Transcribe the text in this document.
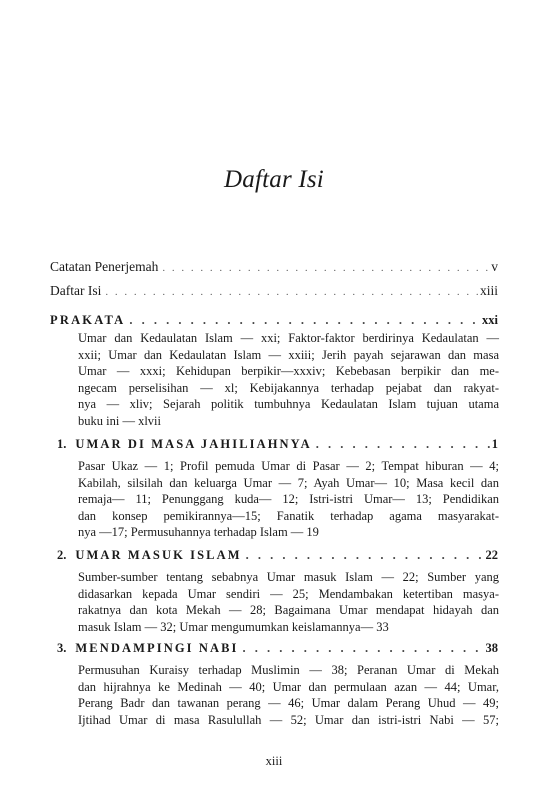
Daftar Isi
Catatan Penerjemah . . .	v
Daftar Isi . . .	xiii
PRAKATA . . .	xxi
Umar dan Kedaulatan Islam — xxi; Faktor-faktor berdirinya Kedaulatan —
xxii; Umar dan Kedaulatan Islam — xxiii; Jerih payah sejarawan dan masa
Umar — xxxi; Kehidupan berpikir—xxxiv; Kebebasan berpikir dan me-
ngecam perselisihan — xl; Kebijakannya terhadap pejabat dan rakyat-
nya — xliv; Sejarah politik tumbuhnya Kedaulatan Islam tujuan utama
buku ini — xlvii
1. UMAR DI MASA JAHILIAHNYA . . .	1
Pasar Ukaz — 1; Profil pemuda Umar di Pasar — 2; Tempat hiburan — 4;
Kabilah, silsilah dan keluarga Umar — 7; Ayah Umar— 10; Masa kecil dan
remaja— 11; Penunggang kuda— 12; Istri-istri Umar— 13; Pendidikan
dan konsep pemikirannya—15; Fanatik terhadap agama masyarakat-
nya —17; Permusuhannya terhadap Islam — 19
2. UMAR MASUK ISLAM . . .	22
Sumber-sumber tentang sebabnya Umar masuk Islam — 22; Sumber yang
didasarkan kepada Umar sendiri — 25; Mendambakan ketertiban masya-
rakatnya dan kota Mekah — 28; Bagaimana Umar mendapat hidayah dan
masuk Islam — 32; Umar mengumumkan keislamannya— 33
3. MENDAMPINGI NABI . . .	38
Permusuhan Kuraisy terhadap Muslimin — 38; Peranan Umar di Mekah
dan hijrahnya ke Medinah — 40; Umar dan permulaan azan — 44; Umar,
Perang Badr dan tawanan perang — 46; Umar dalam Perang Uhud — 49;
Ijtihad Umar di masa Rasulullah — 52; Umar dan istri-istri Nabi — 57;
xiii
